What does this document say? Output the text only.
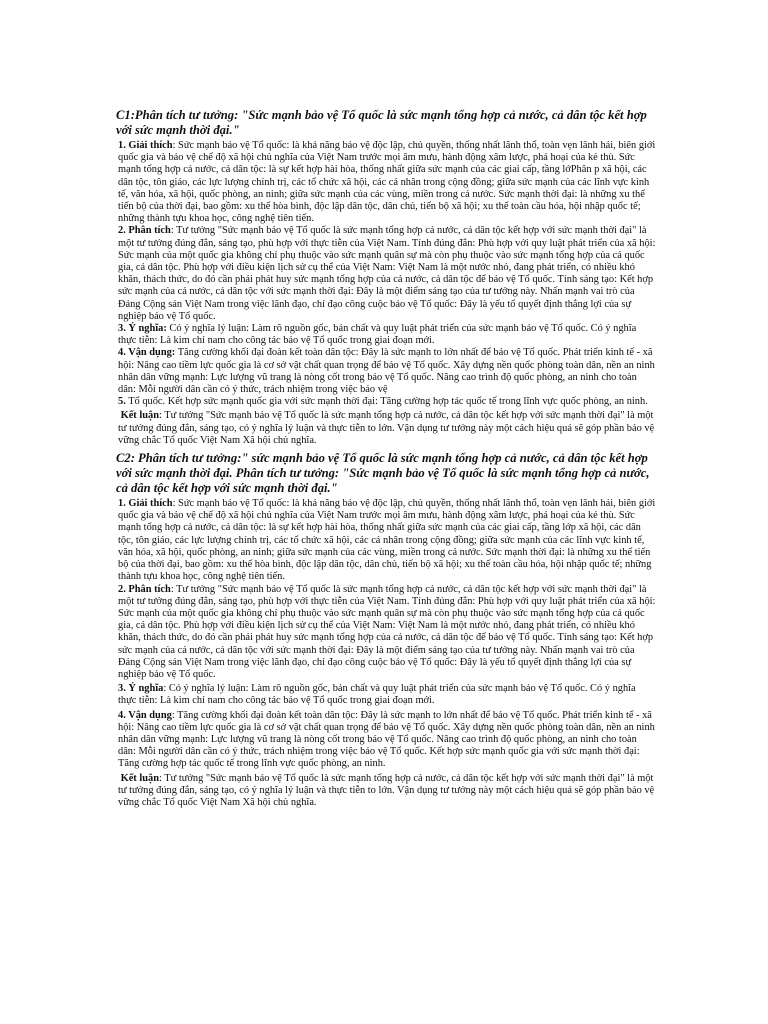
C1:Phân tích tư tưởng: "Sức mạnh bảo vệ Tổ quốc là sức mạnh tổng hợp cả nước, cả dân tộc kết hợp với sức mạnh thời đại."
1. Giải thích: Sức mạnh bảo vệ Tổ quốc: là khả năng bảo vệ độc lập, chủ quyền, thống nhất lãnh thổ, toàn vẹn lãnh hải, biên giới quốc gia và bảo vệ chế độ xã hội chủ nghĩa của Việt Nam trước mọi âm mưu, hành động xâm lược, phá hoại của kẻ thù. Sức mạnh tổng hợp cả nước, cả dân tộc: là sự kết hợp hài hòa, thống nhất giữa sức mạnh của các giai cấp, tầng lớPhân p xã hội, các dân tộc, tôn giáo, các lực lượng chính trị, các tổ chức xã hội, các cá nhân trong cộng đồng; giữa sức mạnh của các lĩnh vực kinh tế, văn hóa, xã hội, quốc phòng, an ninh; giữa sức mạnh của các vùng, miền trong cả nước. Sức mạnh thời đại: là những xu thế tiến bộ của thời đại, bao gồm: xu thế hòa bình, độc lập dân tộc, dân chủ, tiến bộ xã hội; xu thế toàn cầu hóa, hội nhập quốc tế; những thành tựu khoa học, công nghệ tiên tiến.
2. Phân tích: Tư tưởng "Sức mạnh bảo vệ Tổ quốc là sức mạnh tổng hợp cả nước, cả dân tộc kết hợp với sức mạnh thời đại" là một tư tưởng đúng đắn, sáng tạo, phù hợp với thực tiễn của Việt Nam. Tính đúng đắn: Phù hợp với quy luật phát triển của xã hội: Sức mạnh của một quốc gia không chỉ phụ thuộc vào sức mạnh quân sự mà còn phụ thuộc vào sức mạnh tổng hợp của cả quốc gia, cả dân tộc. Phù hợp với điều kiện lịch sử cụ thể của Việt Nam: Việt Nam là một nước nhỏ, đang phát triển, có nhiều khó khăn, thách thức, do đó cần phải phát huy sức mạnh tổng hợp của cả nước, cả dân tộc để bảo vệ Tổ quốc. Tính sáng tạo: Kết hợp sức mạnh của cả nước, cả dân tộc với sức mạnh thời đại: Đây là một điểm sáng tạo của tư tưởng này. Nhấn mạnh vai trò của Đảng Cộng sản Việt Nam trong việc lãnh đạo, chỉ đạo công cuộc bảo vệ Tổ quốc: Đây là yếu tố quyết định thắng lợi của sự nghiệp bảo vệ Tổ quốc.
3. Ý nghĩa: Có ý nghĩa lý luận: Làm rõ nguồn gốc, bản chất và quy luật phát triển của sức mạnh bảo vệ Tổ quốc. Có ý nghĩa thực tiễn: Là kim chỉ nam cho công tác bảo vệ Tổ quốc trong giai đoạn mới.
4. Vận dụng: Tăng cường khối đại đoàn kết toàn dân tộc: Đây là sức mạnh to lớn nhất để bảo vệ Tổ quốc. Phát triển kinh tế - xã hội: Nâng cao tiềm lực quốc gia là cơ sở vật chất quan trọng để bảo vệ Tổ quốc. Xây dựng nền quốc phòng toàn dân, nền an ninh nhân dân vững mạnh: Lực lượng vũ trang là nòng cốt trong bảo vệ Tổ quốc. Nâng cao trình độ quốc phòng, an ninh cho toàn dân: Mỗi người dân cần có ý thức, trách nhiệm trong việc bảo vệ
5. Tổ quốc. Kết hợp sức mạnh quốc gia với sức mạnh thời đại: Tăng cường hợp tác quốc tế trong lĩnh vực quốc phòng, an ninh.
Kết luận: Tư tưởng "Sức mạnh bảo vệ Tổ quốc là sức mạnh tổng hợp cả nước, cả dân tộc kết hợp với sức mạnh thời đại" là một tư tưởng đúng đắn, sáng tạo, có ý nghĩa lý luận và thực tiễn to lớn. Vận dụng tư tưởng này một cách hiệu quả sẽ góp phần bảo vệ vững chắc Tổ quốc Việt Nam Xã hội chủ nghĩa.
C2: Phân tích tư tưởng:" sức mạnh bảo vệ Tổ quốc là sức mạnh tổng hợp cả nước, cả dân tộc kết hợp với sức mạnh thời đại. Phân tích tư tưởng: "Sức mạnh bảo vệ Tổ quốc là sức mạnh tổng hợp cả nước, cả dân tộc kết hợp với sức mạnh thời đại."
1. Giải thích: Sức mạnh bảo vệ Tổ quốc: là khả năng bảo vệ độc lập, chủ quyền, thống nhất lãnh thổ, toàn vẹn lãnh hải, biên giới quốc gia và bảo vệ chế độ xã hội chủ nghĩa của Việt Nam trước mọi âm mưu, hành động xâm lược, phá hoại của kẻ thù. Sức mạnh tổng hợp cả nước, cả dân tộc: là sự kết hợp hài hòa, thống nhất giữa sức mạnh của các giai cấp, tầng lớp xã hội, các dân tộc, tôn giáo, các lực lượng chính trị, các tổ chức xã hội, các cá nhân trong cộng đồng; giữa sức mạnh của các lĩnh vực kinh tế, văn hóa, xã hội, quốc phòng, an ninh; giữa sức mạnh của các vùng, miền trong cả nước. Sức mạnh thời đại: là những xu thế tiến bộ của thời đại, bao gồm: xu thế hòa bình, độc lập dân tộc, dân chủ, tiến bộ xã hội; xu thế toàn cầu hóa, hội nhập quốc tế; những thành tựu khoa học, công nghệ tiên tiến.
2. Phân tích: Tư tưởng "Sức mạnh bảo vệ Tổ quốc là sức mạnh tổng hợp cả nước, cả dân tộc kết hợp với sức mạnh thời đại" là một tư tưởng đúng đắn, sáng tạo, phù hợp với thực tiễn của Việt Nam. Tính đúng đắn: Phù hợp với quy luật phát triển của xã hội: Sức mạnh của một quốc gia không chỉ phụ thuộc vào sức mạnh quân sự mà còn phụ thuộc vào sức mạnh tổng hợp của cả quốc gia, cả dân tộc. Phù hợp với điều kiện lịch sử cụ thể của Việt Nam: Việt Nam là một nước nhỏ, đang phát triển, có nhiều khó khăn, thách thức, do đó cần phải phát huy sức mạnh tổng hợp của cả nước, cả dân tộc để bảo vệ Tổ quốc. Tính sáng tạo: Kết hợp sức mạnh của cả nước, cả dân tộc với sức mạnh thời đại: Đây là một điểm sáng tạo của tư tưởng này. Nhấn mạnh vai trò của Đảng Cộng sản Việt Nam trong việc lãnh đạo, chỉ đạo công cuộc bảo vệ Tổ quốc: Đây là yếu tố quyết định thắng lợi của sự nghiệp bảo vệ Tổ quốc.
3. Ý nghĩa: Có ý nghĩa lý luận: Làm rõ nguồn gốc, bản chất và quy luật phát triển của sức mạnh bảo vệ Tổ quốc. Có ý nghĩa thực tiễn: Là kim chỉ nam cho công tác bảo vệ Tổ quốc trong giai đoạn mới.
4. Vận dụng: Tăng cường khối đại đoàn kết toàn dân tộc: Đây là sức mạnh to lớn nhất để bảo vệ Tổ quốc. Phát triển kinh tế - xã hội: Nâng cao tiềm lực quốc gia là cơ sở vật chất quan trọng để bảo vệ Tổ quốc. Xây dựng nền quốc phòng toàn dân, nền an ninh nhân dân vững mạnh: Lực lượng vũ trang là nòng cốt trong bảo vệ Tổ quốc. Nâng cao trình độ quốc phòng, an ninh cho toàn dân: Mỗi người dân cần có ý thức, trách nhiệm trong việc bảo vệ Tổ quốc. Kết hợp sức mạnh quốc gia với sức mạnh thời đại: Tăng cường hợp tác quốc tế trong lĩnh vực quốc phòng, an ninh.
Kết luận: Tư tưởng "Sức mạnh bảo vệ Tổ quốc là sức mạnh tổng hợp cả nước, cả dân tộc kết hợp với sức mạnh thời đại" là một tư tưởng đúng đắn, sáng tạo, có ý nghĩa lý luận và thực tiễn to lớn. Vận dụng tư tưởng này một cách hiệu quả sẽ góp phần bảo vệ vững chắc Tổ quốc Việt Nam Xã hội chủ nghĩa.
